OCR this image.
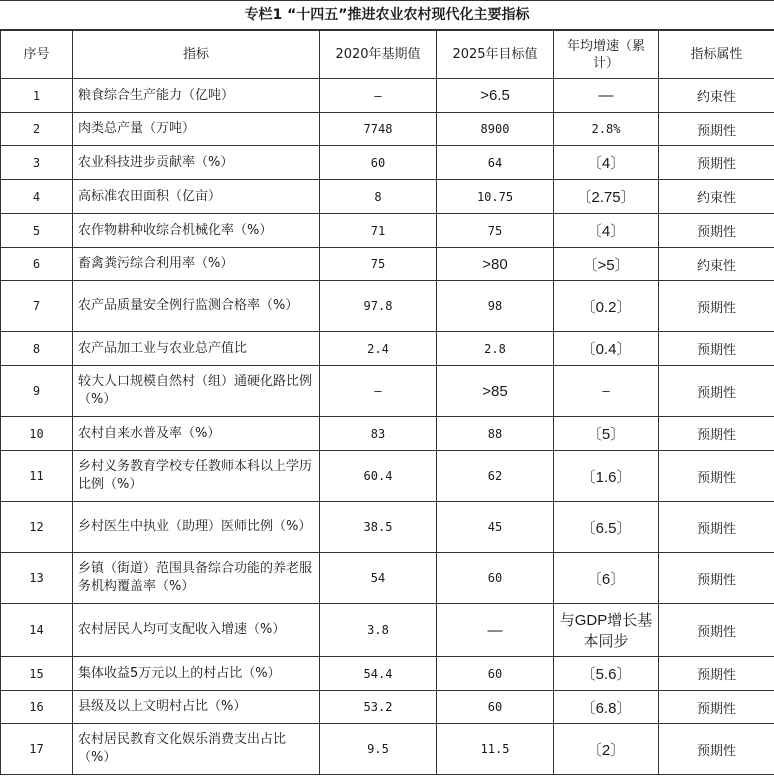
专栏1 “十四五”推进农业农村现代化主要指标
序号	指标	2020年基期值	2025年目标值	年均增速（累计）	指标属性
1	粮食综合生产能力（亿吨）	—	>6.5	—	约束性
2	肉类总产量（万吨）	7748	8900	2.8%	预期性
3	农业科技进步贡献率（%）	60	64	〔4〕	预期性
4	高标准农田面积（亿亩）	8	10.75	〔2.75〕	约束性
5	农作物耕种收综合机械化率（%）	71	75	〔4〕	预期性
6	畜禽粪污综合利用率（%）	75	>80	〔>5〕	约束性
7	农产品质量安全例行监测合格率（%）	97.8	98	〔0.2〕	预期性
8	农产品加工业与农业总产值比	2.4	2.8	〔0.4〕	预期性
9	较大人口规模自然村（组）通硬化路比例（%）	—	>85	—	预期性
10	农村自来水普及率（%）	83	88	〔5〕	预期性
11	乡村义务教育学校专任教师本科以上学历比例（%）	60.4	62	〔1.6〕	预期性
12	乡村医生中执业（助理）医师比例（%）	38.5	45	〔6.5〕	预期性
13	乡镇（街道）范围具备综合功能的养老服务机构覆盖率（%）	54	60	〔6〕	预期性
14	农村居民人均可支配收入增速（%）	3.8	—	与GDP增长基本同步	预期性
15	集体收益5万元以上的村占比（%）	54.4	60	〔5.6〕	预期性
16	县级及以上文明村占比（%）	53.2	60	〔6.8〕	预期性
17	农村居民教育文化娱乐消费支出占比（%）	9.5	11.5	〔2〕	预期性
